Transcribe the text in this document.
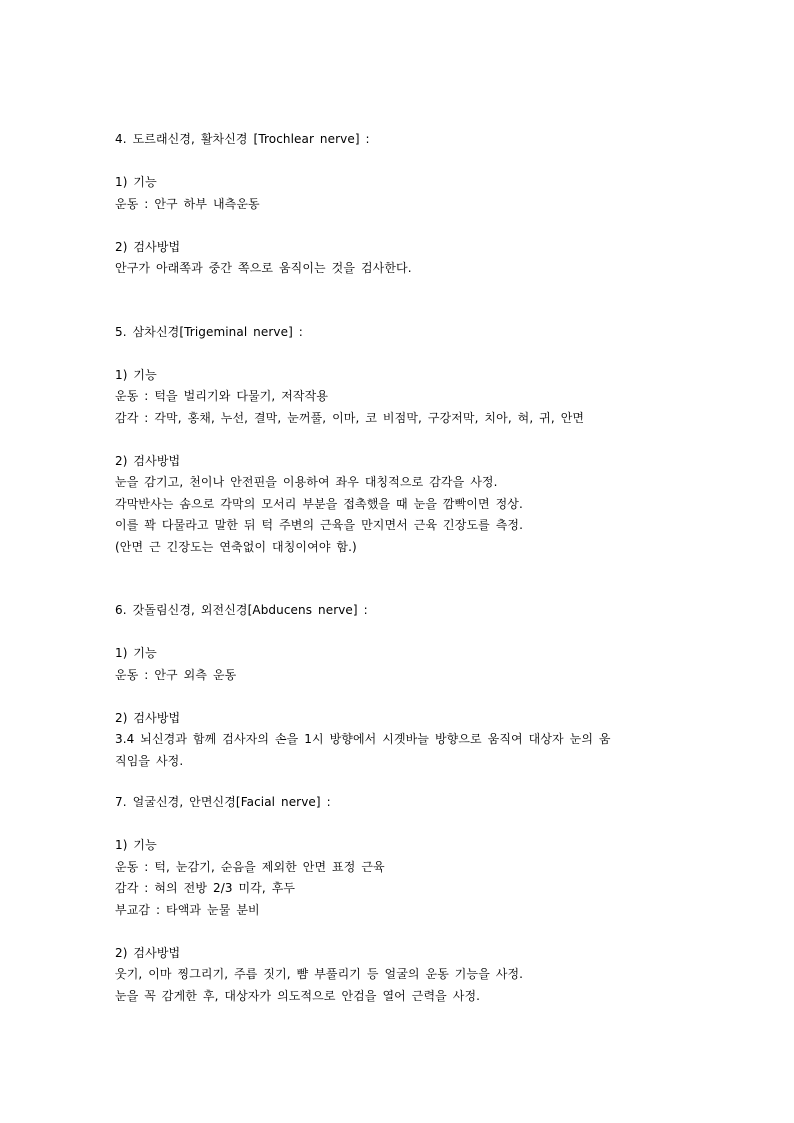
4. 도르래신경, 활차신경 [Trochlear nerve] :
1) 기능
운동 : 안구 하부 내측운동
2) 검사방법
안구가 아래쪽과 중간 쪽으로 움직이는 것을 검사한다.
5. 삼차신경[Trigeminal nerve] :
1) 기능
운동 : 턱을 벌리기와 다물기, 저작작용
감각 : 각막, 홍채, 누선, 결막, 눈꺼풀, 이마, 코 비점막, 구강저막, 치아, 혀, 귀, 안면
2) 검사방법
눈을 감기고, 천이나 안전핀을 이용하여 좌우 대칭적으로 감각을 사정.
각막반사는 솜으로 각막의 모서리 부분을 접촉했을 때 눈을 깜빡이면 정상.
이를 꽉 다물라고 말한 뒤 턱 주변의 근육을 만지면서 근육 긴장도를 측정.
(안면 근 긴장도는 연축없이 대칭이여야 함.)
6. 갓돌림신경, 외전신경[Abducens nerve] :
1) 기능
운동 : 안구 외측 운동
2) 검사방법
3.4 뇌신경과 함께 검사자의 손을 1시 방향에서 시곗바늘 방향으로 움직여 대상자 눈의 움
직임을 사정.
7. 얼굴신경, 안면신경[Facial nerve] :
1) 기능
운동 : 턱, 눈감기, 순음을 제외한 안면 표정 근육
감각 : 혀의 전방 2/3 미각, 후두
부교감 : 타액과 눈물 분비
2) 검사방법
웃기, 이마 찡그리기, 주름 짓기, 뺨 부풀리기 등 얼굴의 운동 기능을 사정.
눈을 꼭 감게한 후, 대상자가 의도적으로 안검을 열어 근력을 사정.
